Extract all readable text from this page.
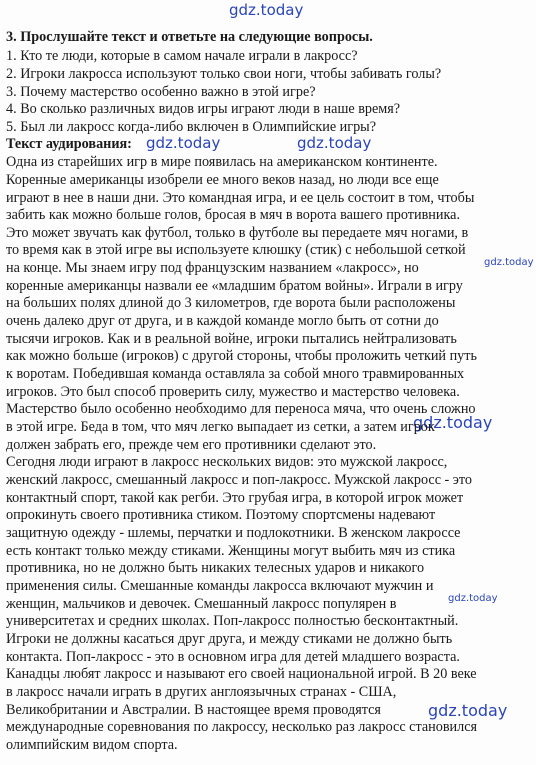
gdz.today
gdz.today	gdz.today
gdz.today
gdz.today
gdz.today
gdz.today
3. Прослушайте текст и ответьте на следующие вопросы.
1. Кто те люди, которые в самом начале играли в лакросс?
2. Игроки лакросса используют только свои ноги, чтобы забивать голы?
3. Почему мастерство особенно важно в этой игре?
4. Во сколько различных видов игры играют люди в наше время?
5. Был ли лакросс когда-либо включен в Олимпийские игры?
Текст аудирования:
Одна из старейших игр в мире появилась на американском континенте.
Коренные американцы изобрели ее много веков назад, но люди все еще
играют в нее в наши дни. Это командная игра, и ее цель состоит в том, чтобы
забить как можно больше голов, бросая в мяч в ворота вашего противника.
Это может звучать как футбол, только в футболе вы передаете мяч ногами, в
то время как в этой игре вы используете клюшку (стик) с небольшой сеткой
на конце. Мы знаем игру под французским названием «лакросс», но
коренные американцы назвали ее «младшим братом войны». Играли в игру
на больших полях длиной до 3 километров, где ворота были расположены
очень далеко друг от друга, и в каждой команде могло быть от сотни до
тысячи игроков. Как и в реальной войне, игроки пытались нейтрализовать
как можно больше (игроков) с другой стороны, чтобы проложить четкий путь
к воротам. Победившая команда оставляла за собой много травмированных
игроков. Это был способ проверить силу, мужество и мастерство человека.
Мастерство было особенно необходимо для переноса мяча, что очень сложно
в этой игре. Беда в том, что мяч легко выпадает из сетки, а затем игрок
должен забрать его, прежде чем его противники сделают это.
Сегодня люди играют в лакросс нескольких видов: это мужской лакросс,
женский лакросс, смешанный лакросс и поп-лакросс. Мужской лакросс - это
контактный спорт, такой как регби. Это грубая игра, в которой игрок может
опрокинуть своего противника стиком. Поэтому спортсмены надевают
защитную одежду - шлемы, перчатки и подлокотники. В женском лакроссе
есть контакт только между стиками. Женщины могут выбить мяч из стика
противника, но не должно быть никаких телесных ударов и никакого
применения силы. Смешанные команды лакросса включают мужчин и
женщин, мальчиков и девочек. Смешанный лакросс популярен в
университетах и средних школах. Поп-лакросс полностью бесконтактный.
Игроки не должны касаться друг друга, и между стиками не должно быть
контакта. Поп-лакросс - это в основном игра для детей младшего возраста.
Канадцы любят лакросс и называют его своей национальной игрой. В 20 веке
в лакросс начали играть в других англоязычных странах - США,
Великобритании и Австралии. В настоящее время проводятся
международные соревнования по лакроссу, несколько раз лакросс становился
олимпийским видом спорта.
